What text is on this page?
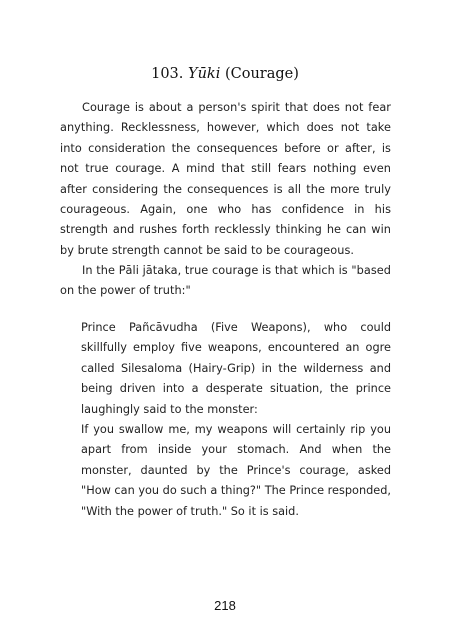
103. Yūki (Courage)

Courage is about a person's spirit that does not fear anything. Recklessness, however, which does not take into consideration the consequences before or after, is not true courage. A mind that still fears nothing even after considering the consequences is all the more truly courageous. Again, one who has confidence in his strength and rushes forth recklessly thinking he can win by brute strength cannot be said to be courageous.

In the Pāli jātaka, true courage is that which is "based on the power of truth:"

Prince Pañcāvudha (Five Weapons), who could skillfully employ five weapons, encountered an ogre called Silesaloma (Hairy-Grip) in the wilderness and being driven into a desperate situation, the prince laughingly said to the monster:

If you swallow me, my weapons will certainly rip you apart from inside your stomach. And when the monster, daunted by the Prince's courage, asked "How can you do such a thing?" The Prince responded, "With the power of truth." So it is said.

218
